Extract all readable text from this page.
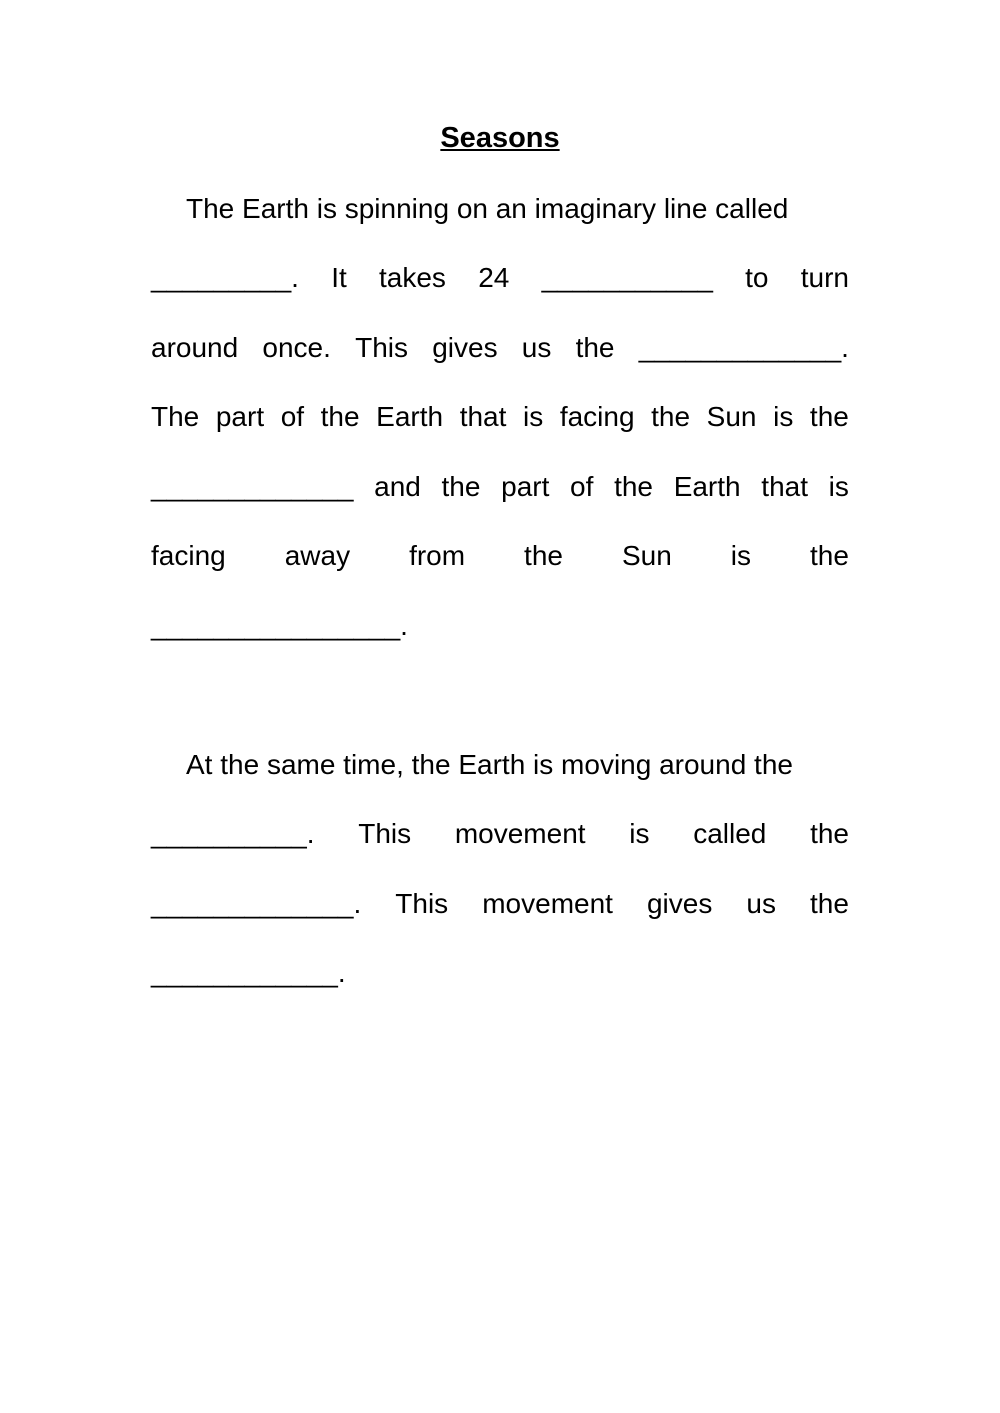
Seasons
The Earth is spinning on an imaginary line called
_________. It takes 24 ___________ to turn
around once. This gives us the _____________.
The part of the Earth that is facing the Sun is the
_____________ and the part of the Earth that is
facing away from the Sun is the
________________.
At the same time, the Earth is moving around the
__________. This movement is called the
_____________. This movement gives us the
____________.
